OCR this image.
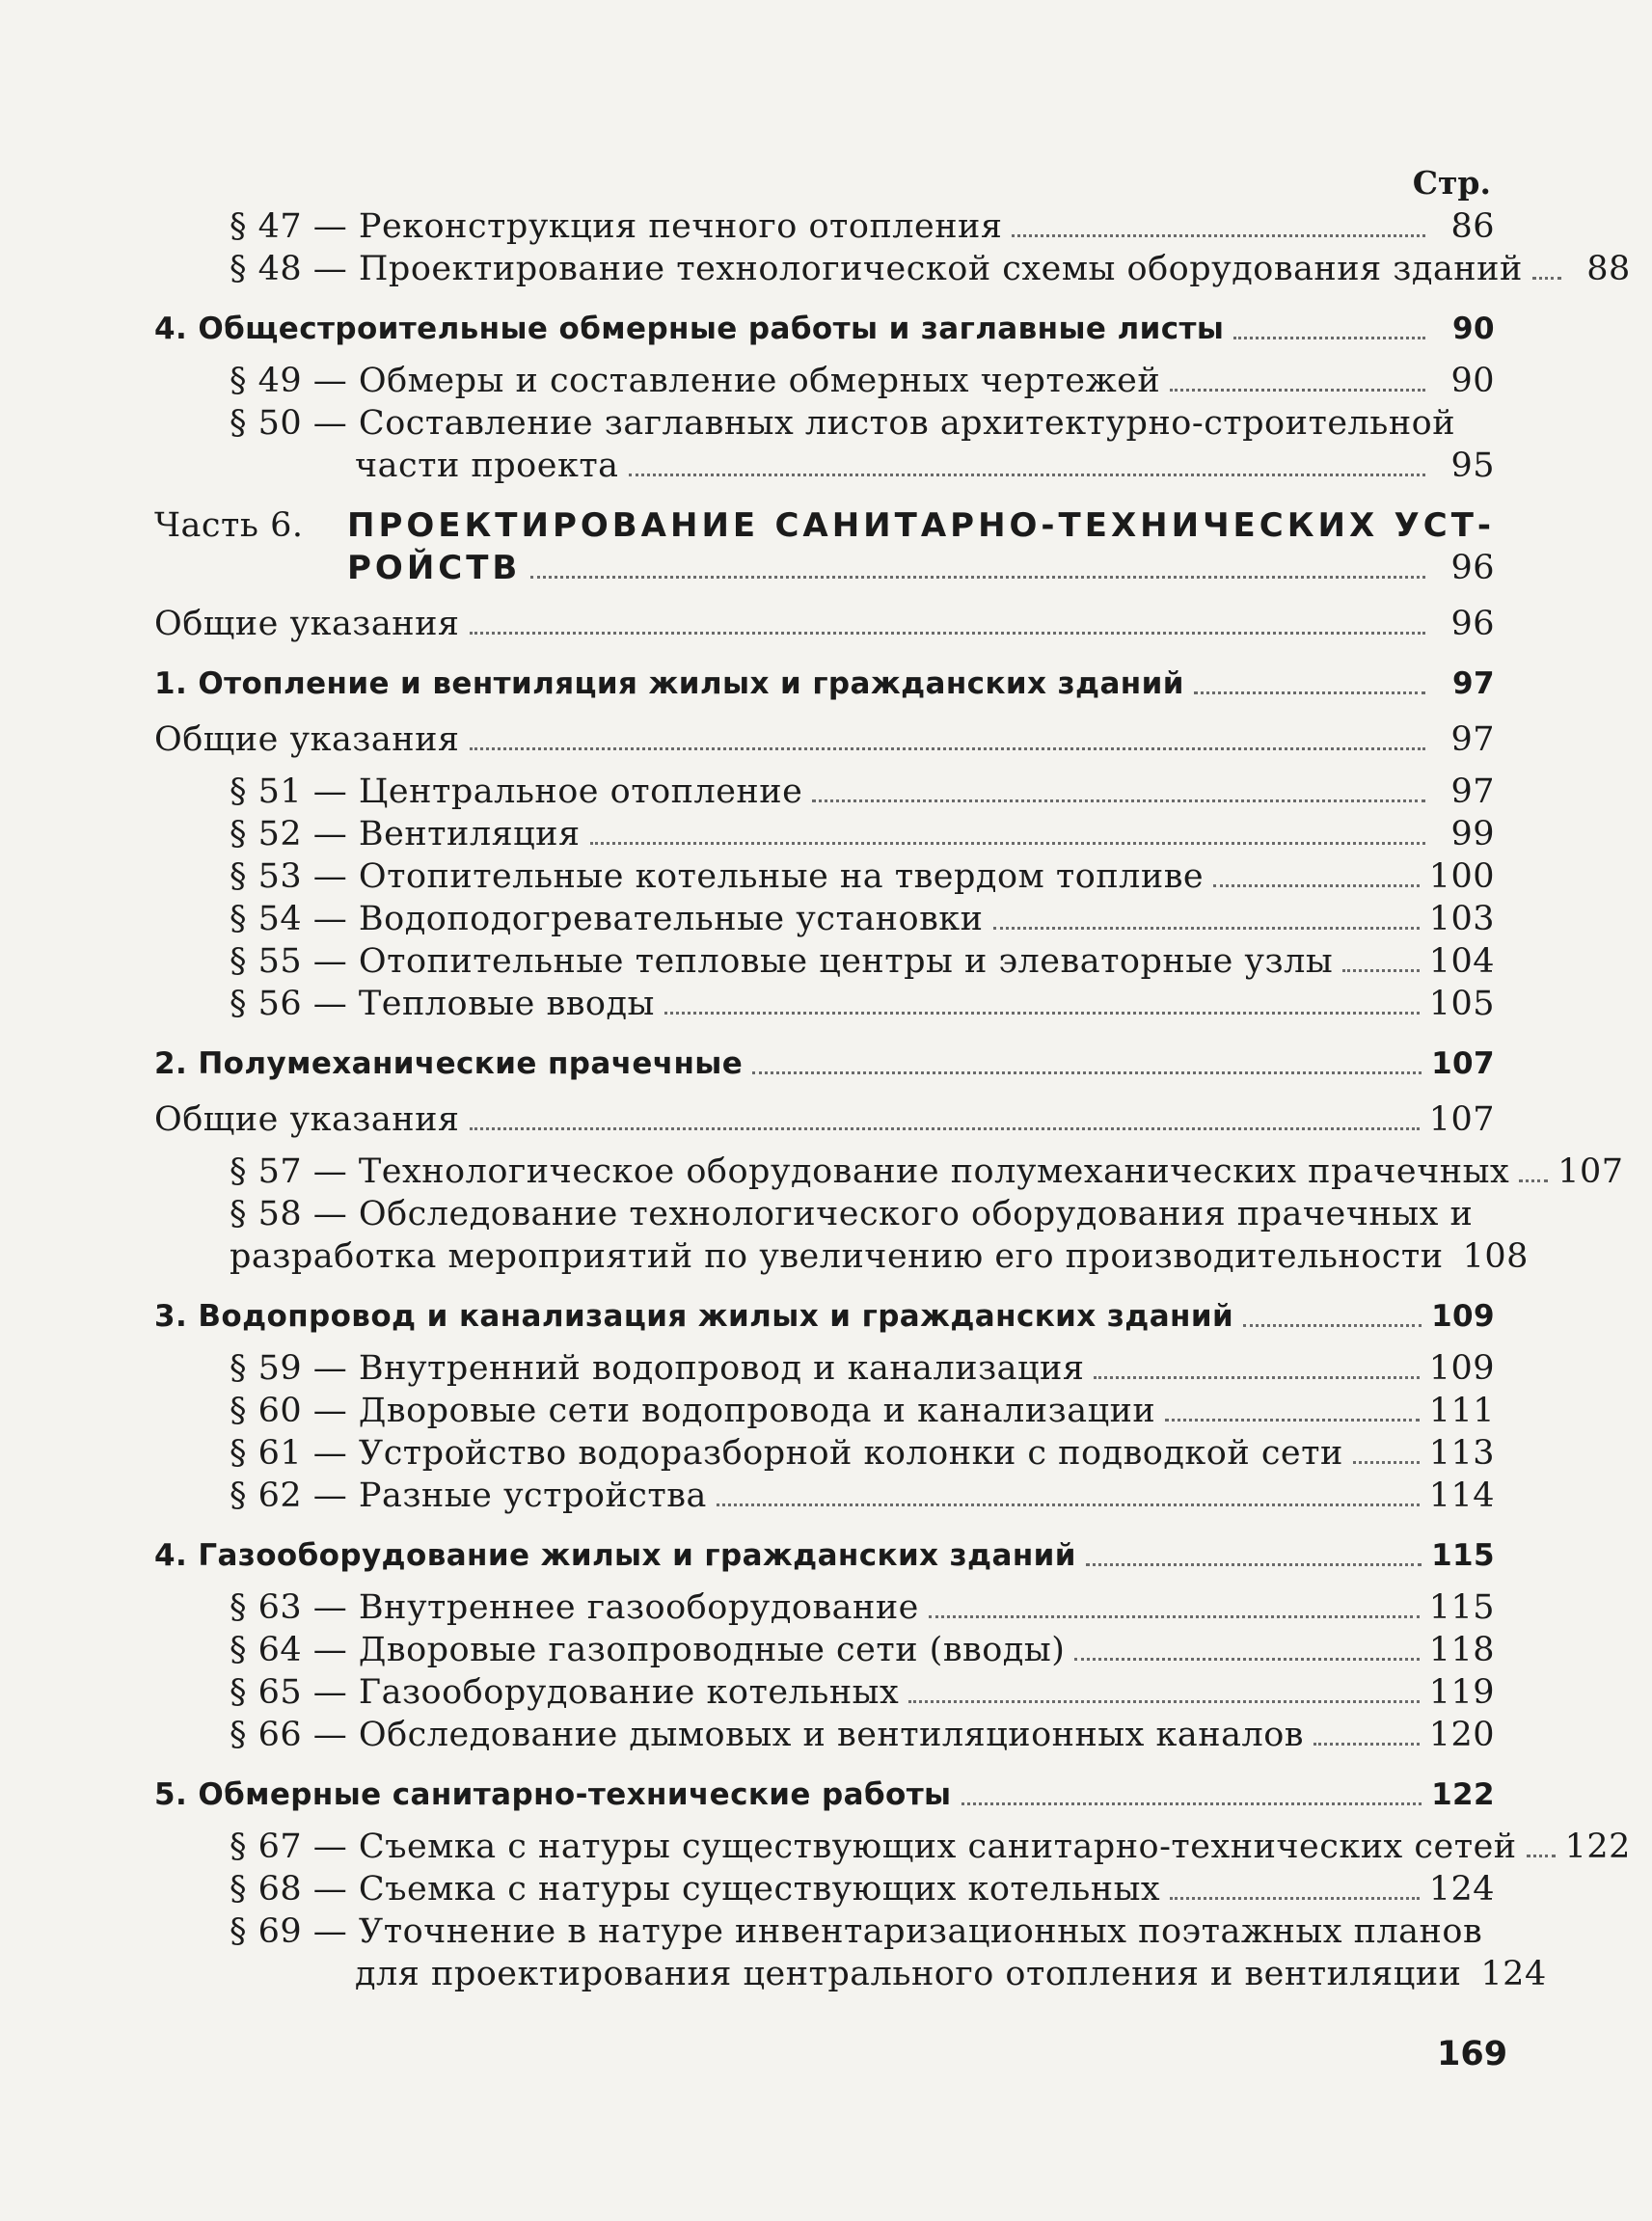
Стр.
§ 47 — Реконструкция печного отопления	86
§ 48 — Проектирование технологической схемы оборудования зданий	88
4. Общестроительные обмерные работы и заглавные листы	90
§ 49 — Обмеры и составление обмерных чертежей	90
§ 50 — Составление заглавных листов архитектурно-строительной
части проекта	95
Часть 6.	ПРОЕКТИРОВАНИЕ САНИТАРНО-ТЕХНИЧЕСКИХ УСТ-
РОЙСТВ	96
Общие указания	96
1. Отопление и вентиляция жилых и гражданских зданий	97
Общие указания	97
§ 51 — Центральное отопление	97
§ 52 — Вентиляция	99
§ 53 — Отопительные котельные на твердом топливе	100
§ 54 — Водоподогревательные установки	103
§ 55 — Отопительные тепловые центры и элеваторные узлы	104
§ 56 — Тепловые вводы	105
2. Полумеханические прачечные	107
Общие указания	107
§ 57 — Технологическое оборудование полумеханических прачечных 107
§ 58 — Обследование технологического оборудования прачечных и
разработка мероприятий по увеличению его производительности 108
3. Водопровод и канализация жилых и гражданских зданий	109
§ 59 — Внутренний водопровод и канализация	109
§ 60 — Дворовые сети водопровода и канализации	111
§ 61 — Устройство водоразборной колонки с подводкой сети	113
§ 62 — Разные устройства	114
4. Газооборудование жилых и гражданских зданий	115
§ 63 — Внутреннее газооборудование	115
§ 64 — Дворовые газопроводные сети (вводы)	118
§ 65 — Газооборудование котельных	119
§ 66 — Обследование дымовых и вентиляционных каналов	120
5. Обмерные санитарно-технические работы	122
§ 67 — Съемка с натуры существующих санитарно-технических сетей 122
§ 68 — Съемка с натуры существующих котельных	124
§ 69 — Уточнение в натуре инвентаризационных поэтажных планов
для проектирования центрального отопления и вентиляции 124
169
